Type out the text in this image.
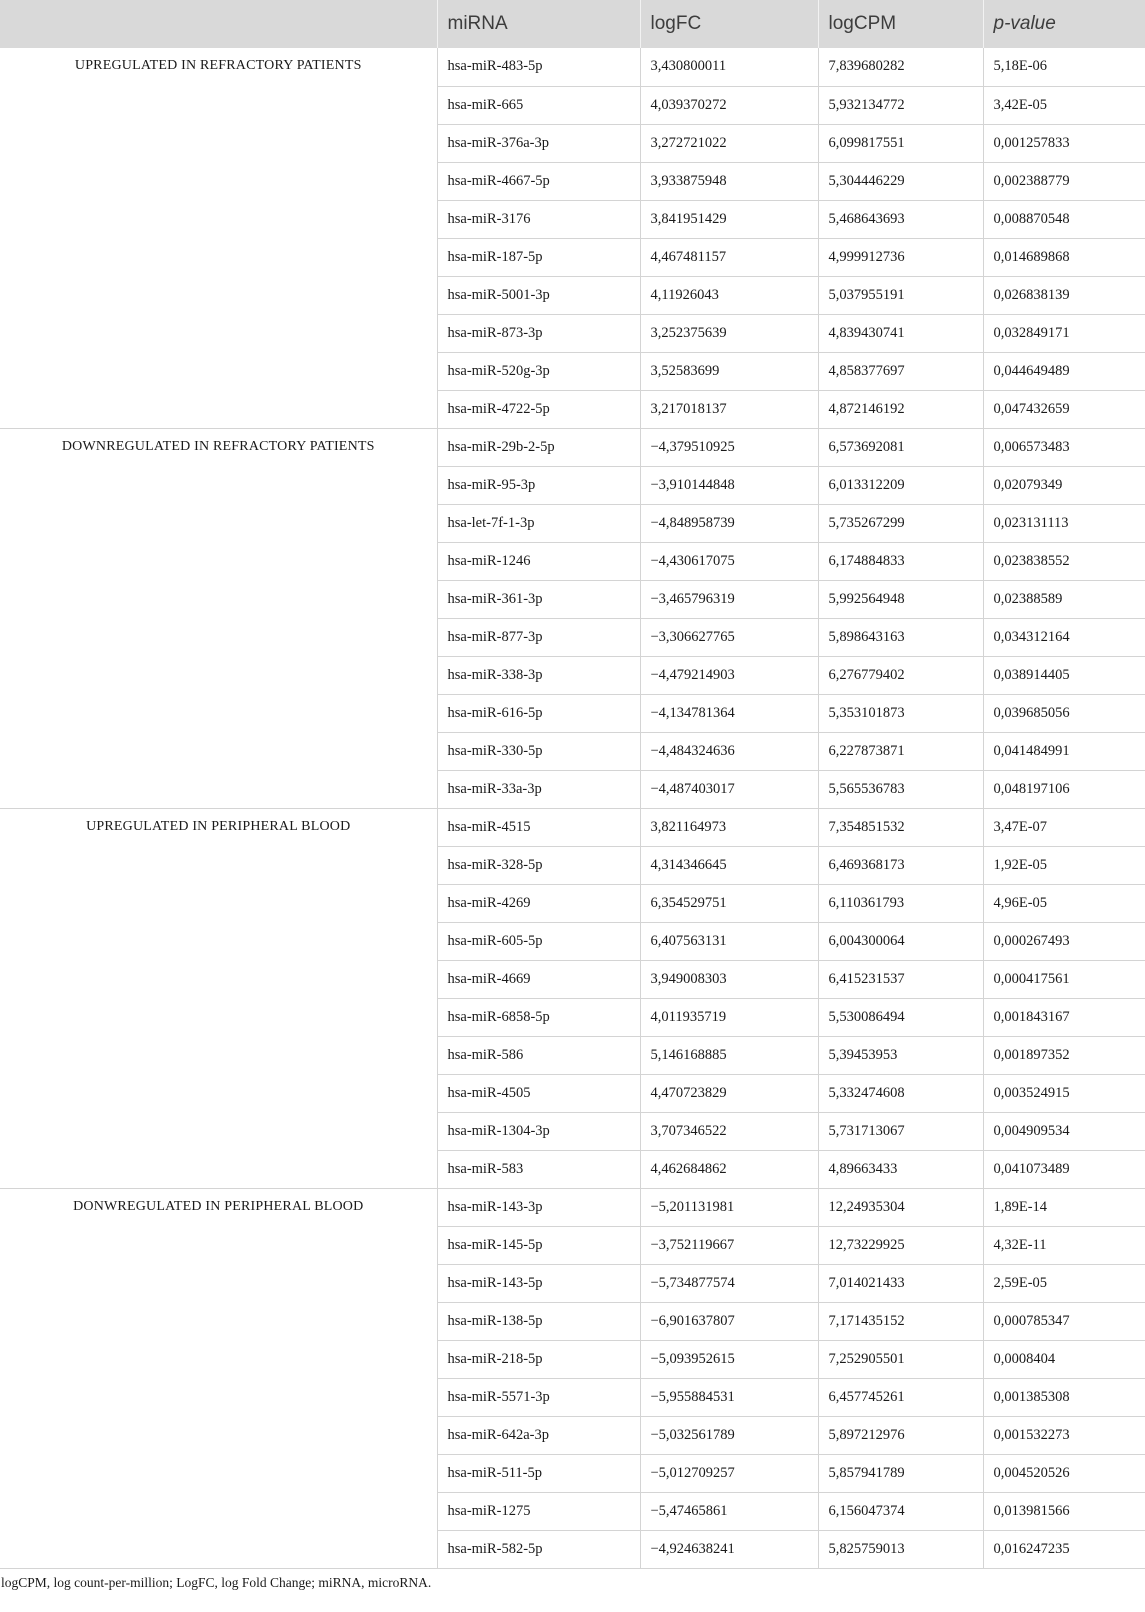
	miRNA	logFC	logCPM	p-value
UPREGULATED IN REFRACTORY PATIENTS	hsa-miR-483-5p	3,430800011	7,839680282	5,18E-06
	hsa-miR-665	4,039370272	5,932134772	3,42E-05
	hsa-miR-376a-3p	3,272721022	6,099817551	0,001257833
	hsa-miR-4667-5p	3,933875948	5,304446229	0,002388779
	hsa-miR-3176	3,841951429	5,468643693	0,008870548
	hsa-miR-187-5p	4,467481157	4,999912736	0,014689868
	hsa-miR-5001-3p	4,11926043	5,037955191	0,026838139
	hsa-miR-873-3p	3,252375639	4,839430741	0,032849171
	hsa-miR-520g-3p	3,52583699	4,858377697	0,044649489
	hsa-miR-4722-5p	3,217018137	4,872146192	0,047432659
DOWNREGULATED IN REFRACTORY PATIENTS	hsa-miR-29b-2-5p	−4,379510925	6,573692081	0,006573483
	hsa-miR-95-3p	−3,910144848	6,013312209	0,02079349
	hsa-let-7f-1-3p	−4,848958739	5,735267299	0,023131113
	hsa-miR-1246	−4,430617075	6,174884833	0,023838552
	hsa-miR-361-3p	−3,465796319	5,992564948	0,02388589
	hsa-miR-877-3p	−3,306627765	5,898643163	0,034312164
	hsa-miR-338-3p	−4,479214903	6,276779402	0,038914405
	hsa-miR-616-5p	−4,134781364	5,353101873	0,039685056
	hsa-miR-330-5p	−4,484324636	6,227873871	0,041484991
	hsa-miR-33a-3p	−4,487403017	5,565536783	0,048197106
UPREGULATED IN PERIPHERAL BLOOD	hsa-miR-4515	3,821164973	7,354851532	3,47E-07
	hsa-miR-328-5p	4,314346645	6,469368173	1,92E-05
	hsa-miR-4269	6,354529751	6,110361793	4,96E-05
	hsa-miR-605-5p	6,407563131	6,004300064	0,000267493
	hsa-miR-4669	3,949008303	6,415231537	0,000417561
	hsa-miR-6858-5p	4,011935719	5,530086494	0,001843167
	hsa-miR-586	5,146168885	5,39453953	0,001897352
	hsa-miR-4505	4,470723829	5,332474608	0,003524915
	hsa-miR-1304-3p	3,707346522	5,731713067	0,004909534
	hsa-miR-583	4,462684862	4,89663433	0,041073489
DONWREGULATED IN PERIPHERAL BLOOD	hsa-miR-143-3p	−5,201131981	12,24935304	1,89E-14
	hsa-miR-145-5p	−3,752119667	12,73229925	4,32E-11
	hsa-miR-143-5p	−5,734877574	7,014021433	2,59E-05
	hsa-miR-138-5p	−6,901637807	7,171435152	0,000785347
	hsa-miR-218-5p	−5,093952615	7,252905501	0,0008404
	hsa-miR-5571-3p	−5,955884531	6,457745261	0,001385308
	hsa-miR-642a-3p	−5,032561789	5,897212976	0,001532273
	hsa-miR-511-5p	−5,012709257	5,857941789	0,004520526
	hsa-miR-1275	−5,47465861	6,156047374	0,013981566
	hsa-miR-582-5p	−4,924638241	5,825759013	0,016247235
logCPM, log count-per-million; LogFC, log Fold Change; miRNA, microRNA.
